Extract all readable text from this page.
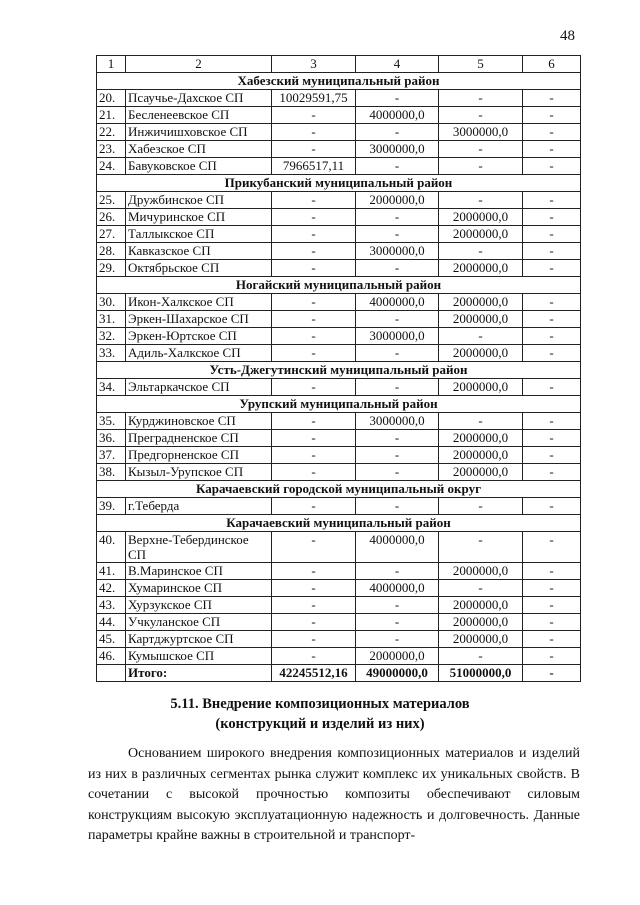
48
1	2	3	4	5	6
Хабезский муниципальный район					
20.	Псаучье-Дахское СП	10029591,75	-	-	-
21.	Бесленеевское СП	-	4000000,0	-	-
22.	Инжичишховское СП	-	-	3000000,0	-
23.	Хабезское СП	-	3000000,0	-	-
24.	Бавуковское СП	7966517,11	-	-	-
Прикубанский муниципальный район					
25.	Дружбинское СП	-	2000000,0	-	-
26.	Мичуринское СП	-	-	2000000,0	-
27.	Таллыкское СП	-	-	2000000,0	-
28.	Кавказское СП	-	3000000,0	-	-
29.	Октябрьское СП	-	-	2000000,0	-
Ногайский муниципальный район					
30.	Икон-Халкское СП	-	4000000,0	2000000,0	-
31.	Эркен-Шахарское СП	-	-	2000000,0	-
32.	Эркен-Юртское СП	-	3000000,0	-	-
33.	Адиль-Халкское СП	-	-	2000000,0	-
Усть-Джегутинский муниципальный район					
34.	Эльтаркачское СП	-	-	2000000,0	-
Урупский муниципальный район					
35.	Курджиновское СП	-	3000000,0	-	-
36.	Преградненское СП	-	-	2000000,0	-
37.	Предгорненское СП	-	-	2000000,0	-
38.	Кызыл-Урупское СП	-	-	2000000,0	-
Карачаевский городской муниципальный округ					
39.	г.Теберда	-	-	-	-
Карачаевский муниципальный район					
40.	Верхне-Тебердинское СП	-	4000000,0	-	-
41.	В.Маринское СП	-	-	2000000,0	-
42.	Хумаринское СП	-	4000000,0	-	-
43.	Хурзукское СП	-	-	2000000,0	-
44.	Учкуланское СП	-	-	2000000,0	-
45.	Картджуртское СП	-	-	2000000,0	-
46.	Кумышское СП	-	2000000,0	-	-
	Итого:	42245512,16	49000000,0	51000000,0	-
5.11. Внедрение композиционных материалов
(конструкций и изделий из них)

Основанием широкого внедрения композиционных материалов и изделий из них в различных сегментах рынка служит комплекс их уникальных свойств. В сочетании с высокой прочностью композиты обеспечивают силовым конструкциям высокую эксплуатационную надежность и долговечность. Данные параметры крайне важны в строительной и транспорт-
